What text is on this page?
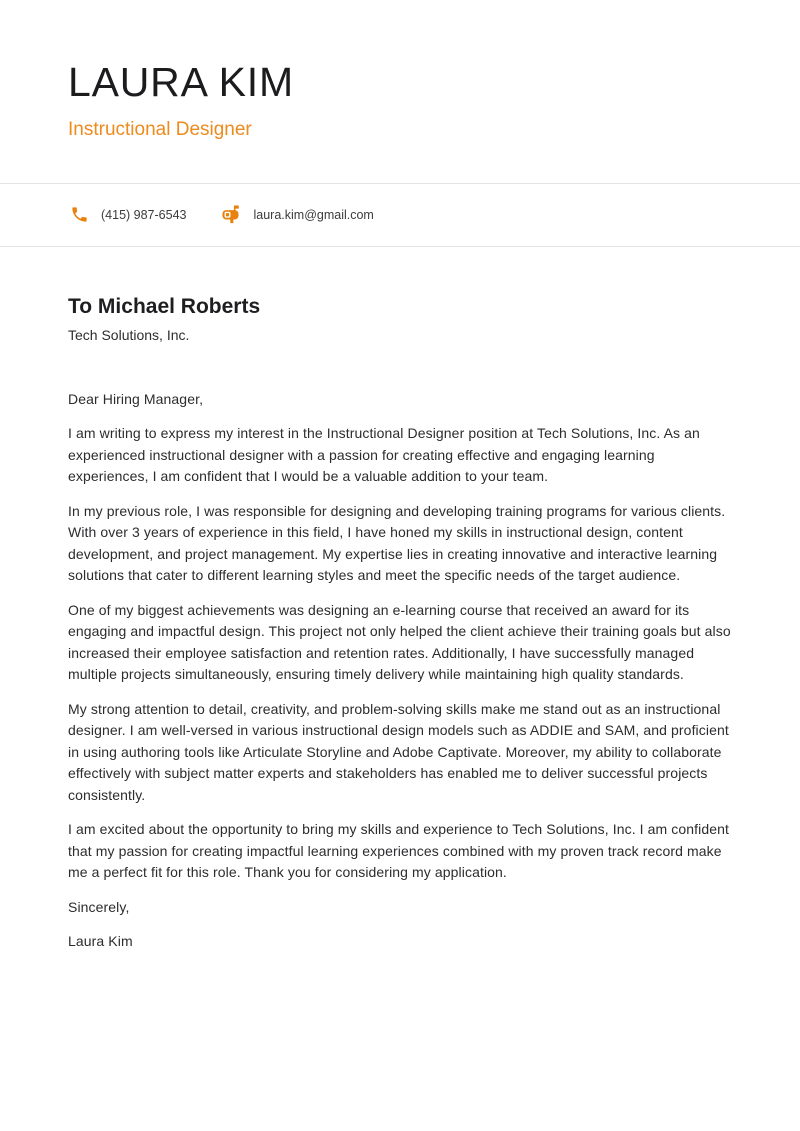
LAURA KIM
Instructional Designer
(415) 987-6543	laura.kim@gmail.com
To Michael Roberts
Tech Solutions, Inc.

Dear Hiring Manager,

I am writing to express my interest in the Instructional Designer position at Tech Solutions, Inc. As an experienced instructional designer with a passion for creating effective and engaging learning experiences, I am confident that I would be a valuable addition to your team.

In my previous role, I was responsible for designing and developing training programs for various clients. With over 3 years of experience in this field, I have honed my skills in instructional design, content development, and project management. My expertise lies in creating innovative and interactive learning solutions that cater to different learning styles and meet the specific needs of the target audience.

One of my biggest achievements was designing an e-learning course that received an award for its engaging and impactful design. This project not only helped the client achieve their training goals but also increased their employee satisfaction and retention rates. Additionally, I have successfully managed multiple projects simultaneously, ensuring timely delivery while maintaining high quality standards.

My strong attention to detail, creativity, and problem-solving skills make me stand out as an instructional designer. I am well-versed in various instructional design models such as ADDIE and SAM, and proficient in using authoring tools like Articulate Storyline and Adobe Captivate. Moreover, my ability to collaborate effectively with subject matter experts and stakeholders has enabled me to deliver successful projects consistently.

I am excited about the opportunity to bring my skills and experience to Tech Solutions, Inc. I am confident that my passion for creating impactful learning experiences combined with my proven track record make me a perfect fit for this role. Thank you for considering my application.

Sincerely,

Laura Kim
